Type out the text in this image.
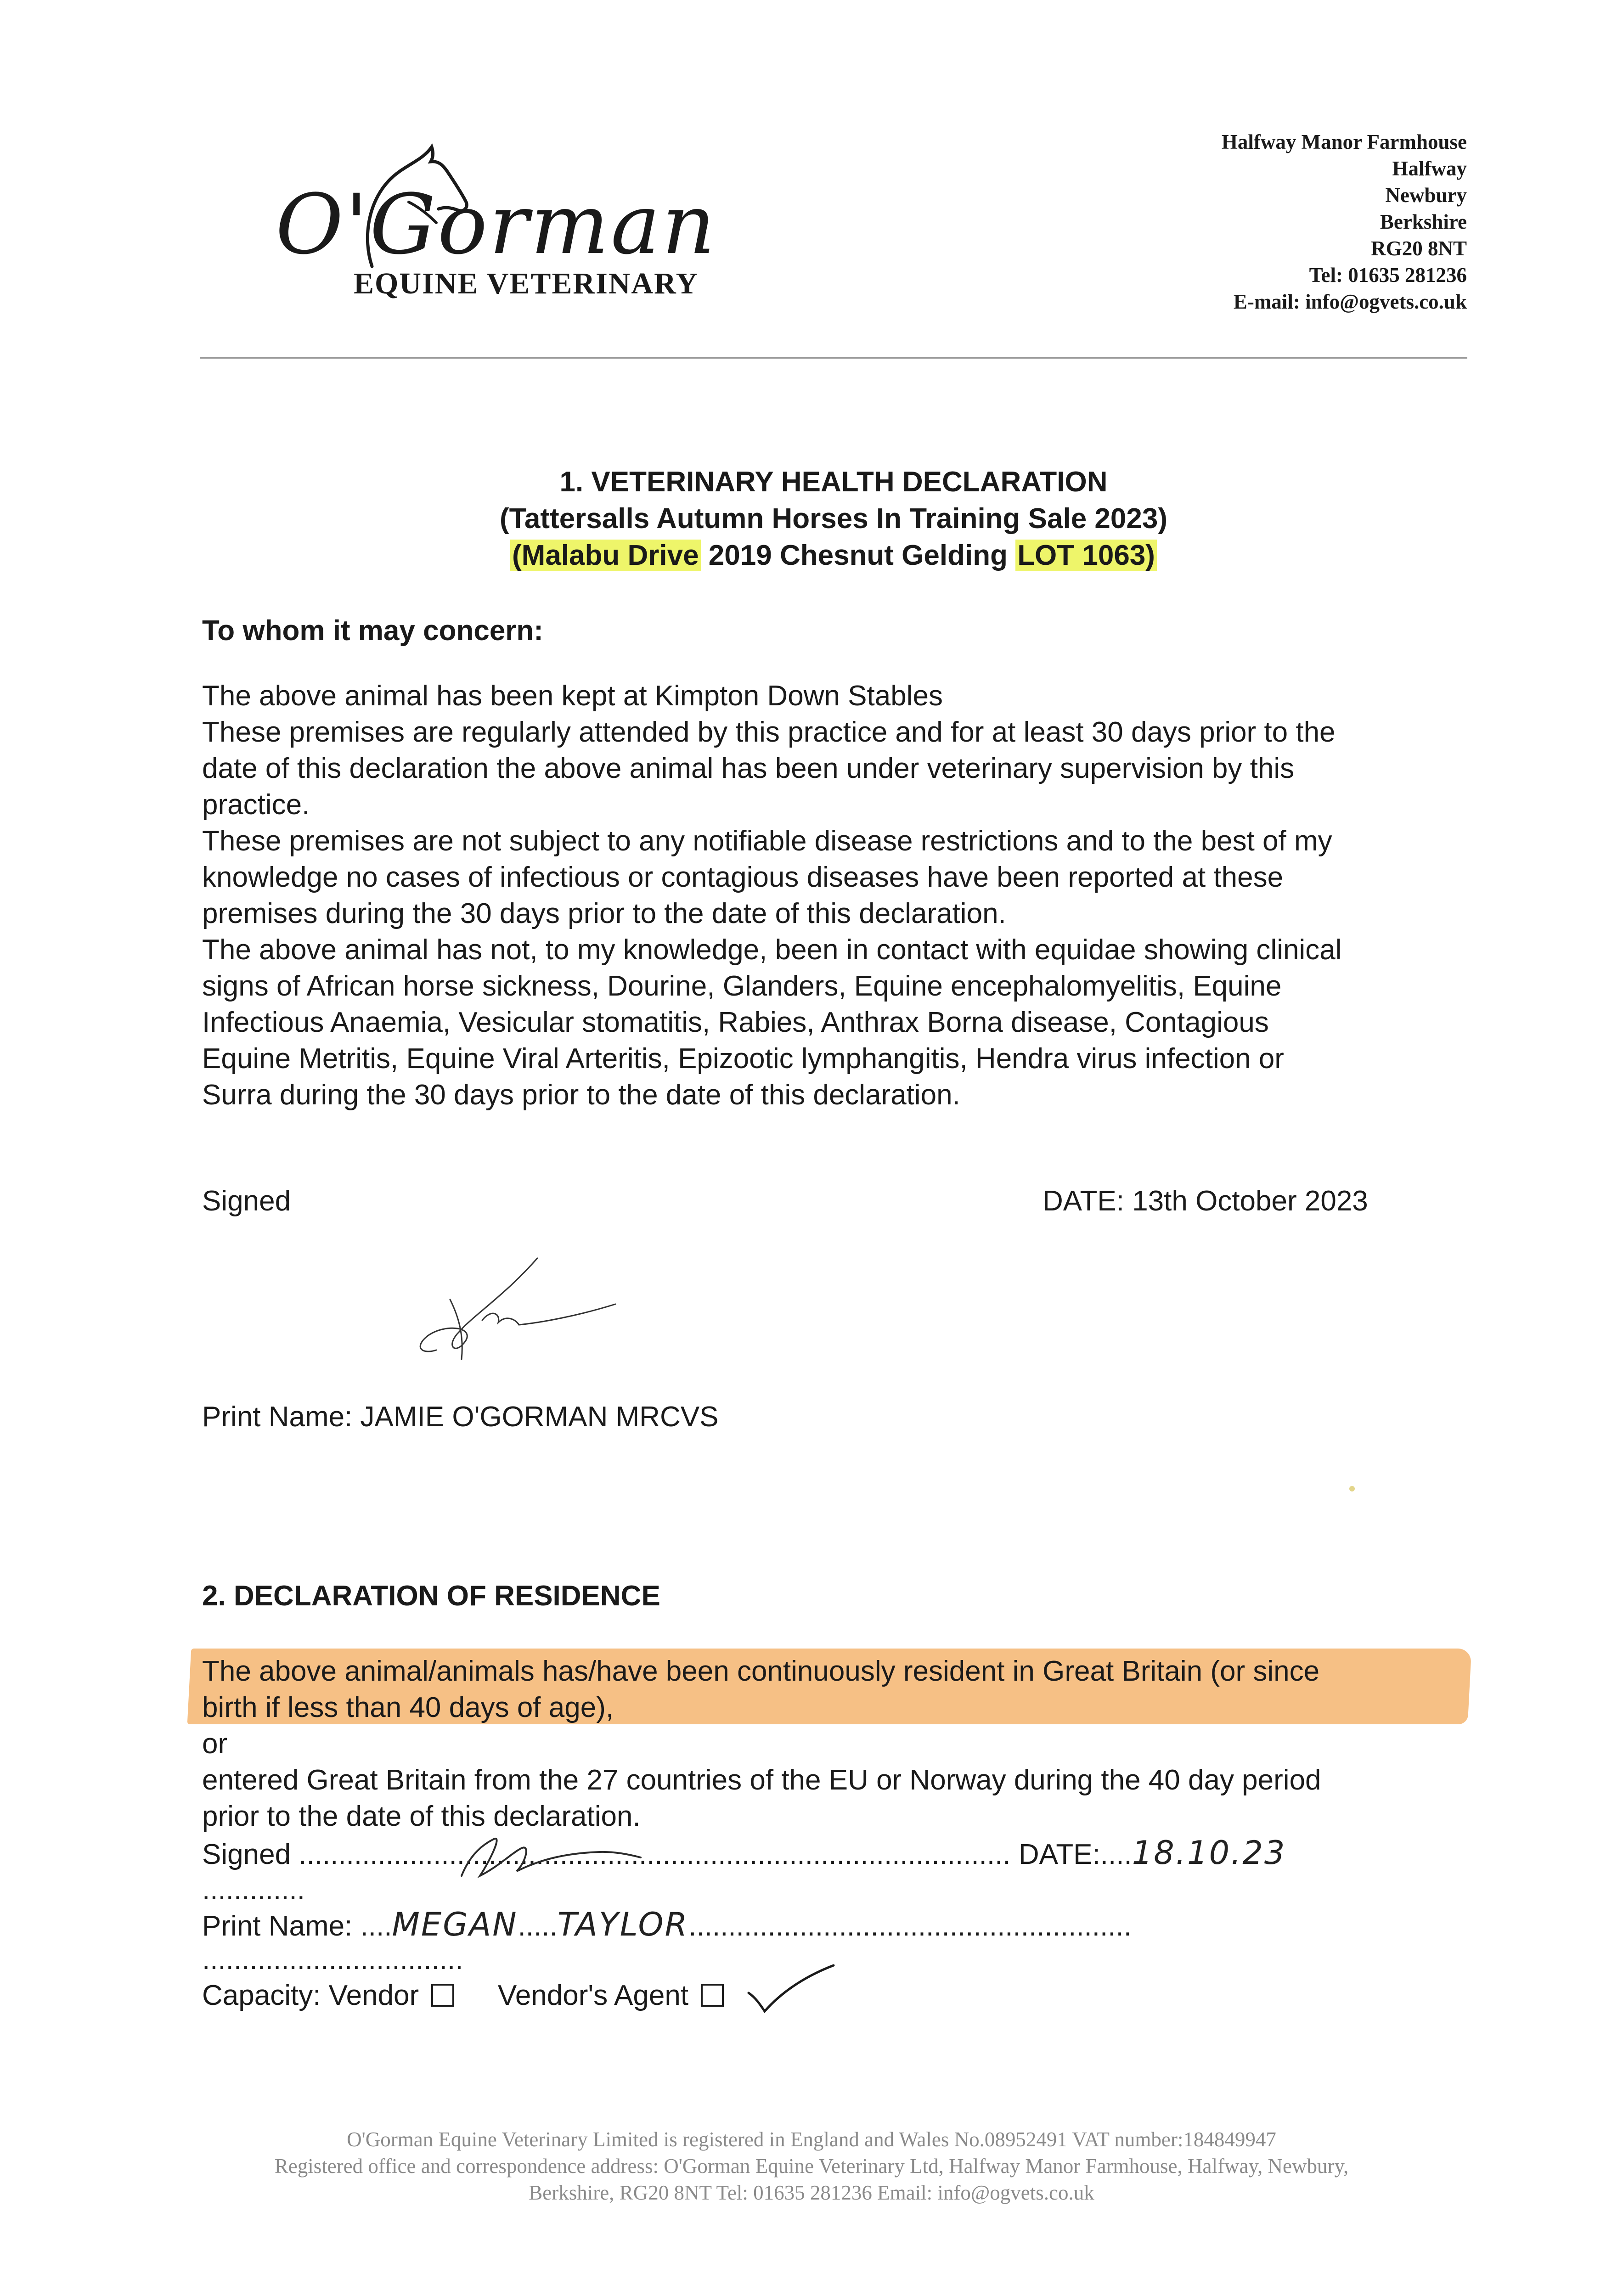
O'Gorman
EQUINE VETERINARY
Halfway Manor Farmhouse
Halfway
Newbury
Berkshire
RG20 8NT
Tel: 01635 281236
E-mail: info@ogvets.co.uk
1. VETERINARY HEALTH DECLARATION
(Tattersalls Autumn Horses In Training Sale 2023)
(Malabu Drive 2019 Chesnut Gelding LOT 1063)
To whom it may concern:
The above animal has been kept at Kimpton Down Stables
These premises are regularly attended by this practice and for at least 30 days prior to the
date of this declaration the above animal has been under veterinary supervision by this
practice.
These premises are not subject to any notifiable disease restrictions and to the best of my
knowledge no cases of infectious or contagious diseases have been reported at these
premises during the 30 days prior to the date of this declaration.
The above animal has not, to my knowledge, been in contact with equidae showing clinical
signs of African horse sickness, Dourine, Glanders, Equine encephalomyelitis, Equine
Infectious Anaemia, Vesicular stomatitis, Rabies, Anthrax Borna disease, Contagious
Equine Metritis, Equine Viral Arteritis, Epizootic lymphangitis, Hendra virus infection or
Surra during the 30 days prior to the date of this declaration.
Signed	DATE: 13th October 2023
Print Name: JAMIE O'GORMAN MRCVS
2. DECLARATION OF RESIDENCE
The above animal/animals has/have been continuously resident in Great Britain (or since
birth if less than 40 days of age),
or
entered Great Britain from the 27 countries of the EU or Norway during the 40 day period
prior to the date of this declaration.
Signed .......................................................................................... DATE:....18.10.23
.............
Print Name: ....MEGAN.....TAYLOR........................................................
.................................
Capacity: Vendor	Vendor's Agent
O'Gorman Equine Veterinary Limited is registered in England and Wales No.08952491 VAT number:184849947
Registered office and correspondence address: O'Gorman Equine Veterinary Ltd, Halfway Manor Farmhouse, Halfway, Newbury,
Berkshire, RG20 8NT Tel: 01635 281236 Email: info@ogvets.co.uk
